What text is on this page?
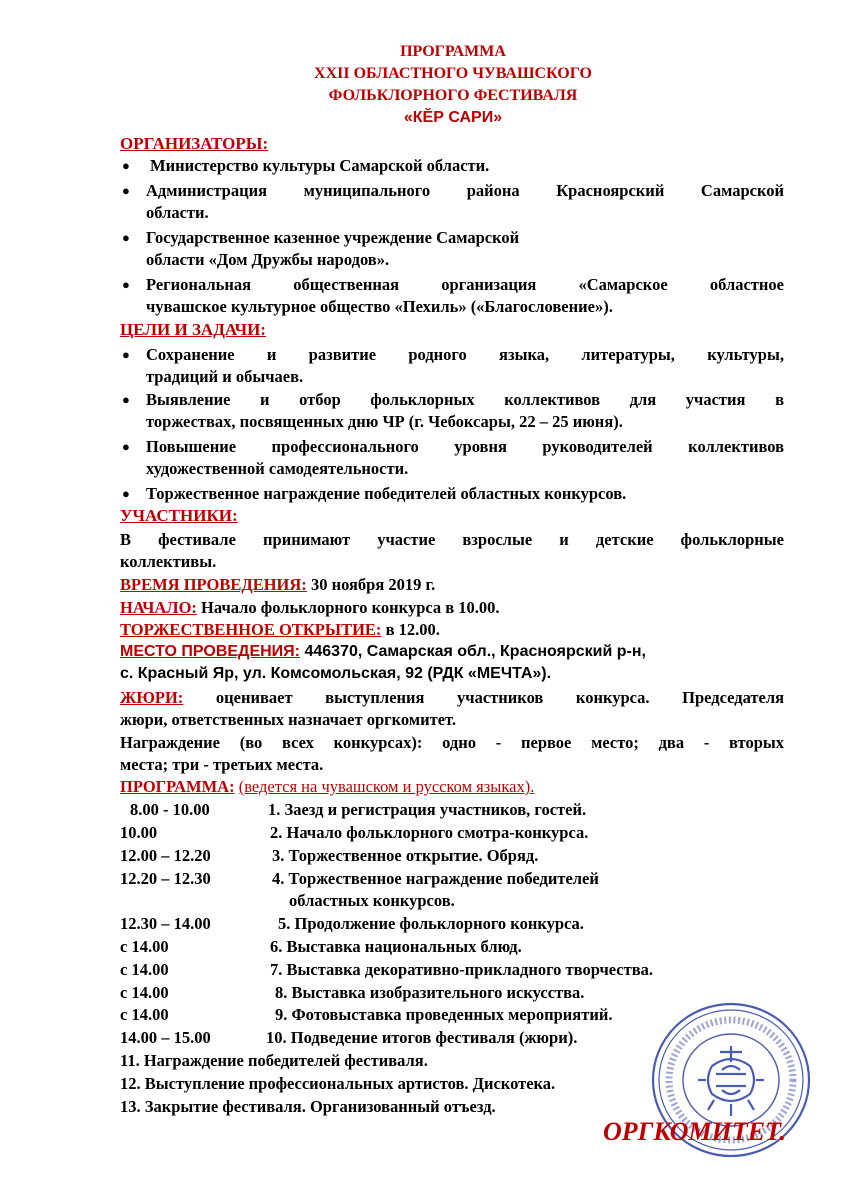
ПРОГРАММА
XXII ОБЛАСТНОГО ЧУВАШСКОГО
ФОЛЬКЛОРНОГО ФЕСТИВАЛЯ
«КĔР САРИ»
ОРГАНИЗАТОРЫ:
● Министерство культуры Самарской области.
● Администрация муниципального района Красноярский Самарской
области.
● Государственное казенное учреждение Самарской
области «Дом Дружбы народов».
● Региональная общественная организация «Самарское областное
чувашское культурное общество «Пехиль» («Благословение»).
ЦЕЛИ И ЗАДАЧИ:
● Сохранение и развитие родного языка, литературы, культуры,
традиций и обычаев.
● Выявление и отбор фольклорных коллективов для участия в
торжествах, посвященных дню ЧР (г. Чебоксары, 22 – 25 июня).
● Повышение профессионального уровня руководителей коллективов
художественной самодеятельности.
● Торжественное награждение победителей областных конкурсов.
УЧАСТНИКИ:
В фестивале принимают участие взрослые и детские фольклорные
коллективы.
ВРЕМЯ ПРОВЕДЕНИЯ: 30 ноября 2019 г.
НАЧАЛО: Начало фольклорного конкурса в 10.00.
ТОРЖЕСТВЕННОЕ ОТКРЫТИЕ: в 12.00.
МЕСТО ПРОВЕДЕНИЯ: 446370, Самарская обл., Красноярский р-н,
с. Красный Яр, ул. Комсомольская, 92 (РДК «МЕЧТА»).
ЖЮРИ: оценивает выступления участников конкурса. Председателя
жюри, ответственных назначает оргкомитет.
Награждение (во всех конкурсах): одно - первое место; два - вторых
места; три - третьих места.
ПРОГРАММА: (ведется на чувашском и русском языках).
8.00 - 10.00	1. Заезд и регистрация участников, гостей.
10.00	2. Начало фольклорного смотра-конкурса.
12.00 – 12.20	3. Торжественное открытие. Обряд.
12.20 – 12.30	4. Торжественное награждение победителей
областных конкурсов.
12.30 – 14.00	5. Продолжение фольклорного конкурса.
с 14.00	6. Выставка национальных блюд.
с 14.00	7. Выставка декоративно-прикладного творчества.
с 14.00	8. Выставка изобразительного искусства.
с 14.00	9. Фотовыставка проведенных мероприятий.
14.00 – 15.00	10. Подведение итогов фестиваля (жюри).
11. Награждение победителей фестиваля.
12. Выступление профессиональных артистов. Дискотека.
13. Закрытие фестиваля. Организованный отъезд.
ОРГКОМИТЕТ.
